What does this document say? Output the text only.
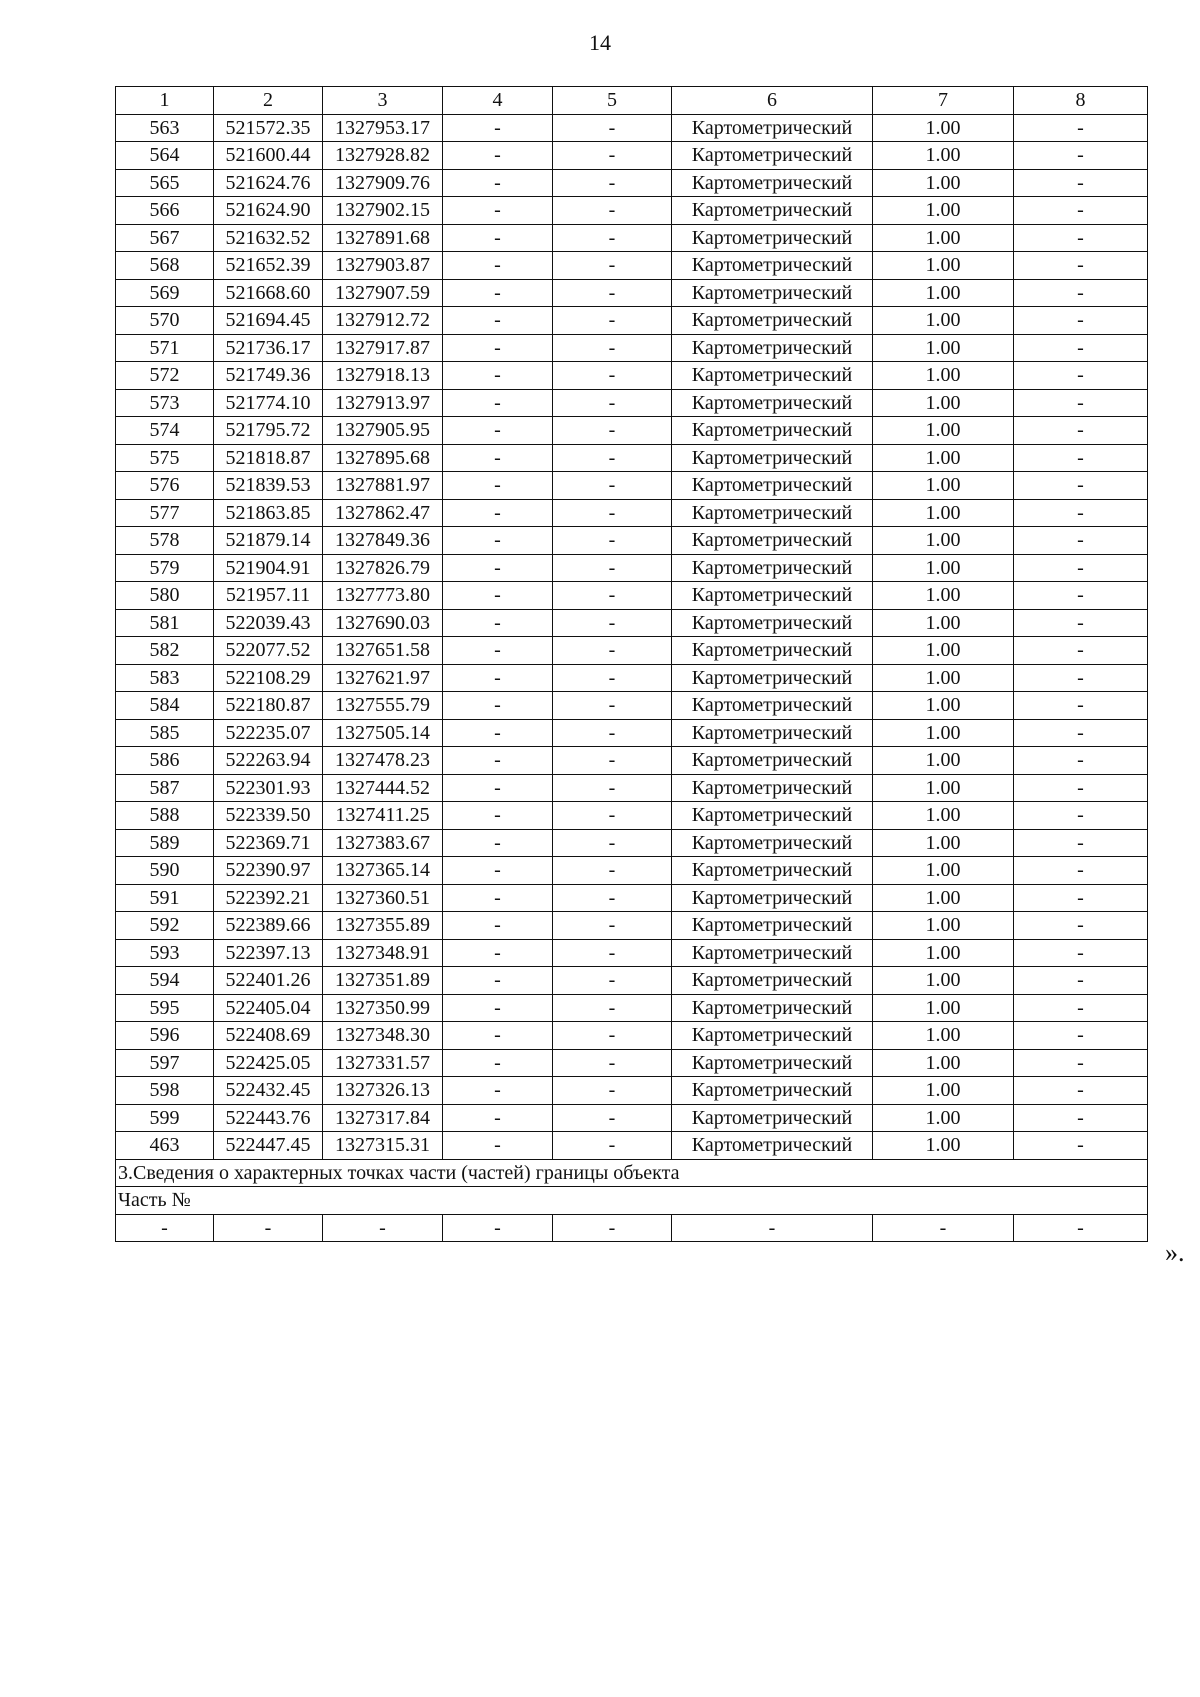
14
1	2	3	4	5	6	7	8
563	521572.35	1327953.17	-	-	Картометрический	1.00	-
564	521600.44	1327928.82	-	-	Картометрический	1.00	-
565	521624.76	1327909.76	-	-	Картометрический	1.00	-
566	521624.90	1327902.15	-	-	Картометрический	1.00	-
567	521632.52	1327891.68	-	-	Картометрический	1.00	-
568	521652.39	1327903.87	-	-	Картометрический	1.00	-
569	521668.60	1327907.59	-	-	Картометрический	1.00	-
570	521694.45	1327912.72	-	-	Картометрический	1.00	-
571	521736.17	1327917.87	-	-	Картометрический	1.00	-
572	521749.36	1327918.13	-	-	Картометрический	1.00	-
573	521774.10	1327913.97	-	-	Картометрический	1.00	-
574	521795.72	1327905.95	-	-	Картометрический	1.00	-
575	521818.87	1327895.68	-	-	Картометрический	1.00	-
576	521839.53	1327881.97	-	-	Картометрический	1.00	-
577	521863.85	1327862.47	-	-	Картометрический	1.00	-
578	521879.14	1327849.36	-	-	Картометрический	1.00	-
579	521904.91	1327826.79	-	-	Картометрический	1.00	-
580	521957.11	1327773.80	-	-	Картометрический	1.00	-
581	522039.43	1327690.03	-	-	Картометрический	1.00	-
582	522077.52	1327651.58	-	-	Картометрический	1.00	-
583	522108.29	1327621.97	-	-	Картометрический	1.00	-
584	522180.87	1327555.79	-	-	Картометрический	1.00	-
585	522235.07	1327505.14	-	-	Картометрический	1.00	-
586	522263.94	1327478.23	-	-	Картометрический	1.00	-
587	522301.93	1327444.52	-	-	Картометрический	1.00	-
588	522339.50	1327411.25	-	-	Картометрический	1.00	-
589	522369.71	1327383.67	-	-	Картометрический	1.00	-
590	522390.97	1327365.14	-	-	Картометрический	1.00	-
591	522392.21	1327360.51	-	-	Картометрический	1.00	-
592	522389.66	1327355.89	-	-	Картометрический	1.00	-
593	522397.13	1327348.91	-	-	Картометрический	1.00	-
594	522401.26	1327351.89	-	-	Картометрический	1.00	-
595	522405.04	1327350.99	-	-	Картометрический	1.00	-
596	522408.69	1327348.30	-	-	Картометрический	1.00	-
597	522425.05	1327331.57	-	-	Картометрический	1.00	-
598	522432.45	1327326.13	-	-	Картометрический	1.00	-
599	522443.76	1327317.84	-	-	Картометрический	1.00	-
463	522447.45	1327315.31	-	-	Картометрический	1.00	-
3.Сведения о характерных точках части (частей) границы объекта							
Часть №							
-	-	-	-	-	-	-	-
».
